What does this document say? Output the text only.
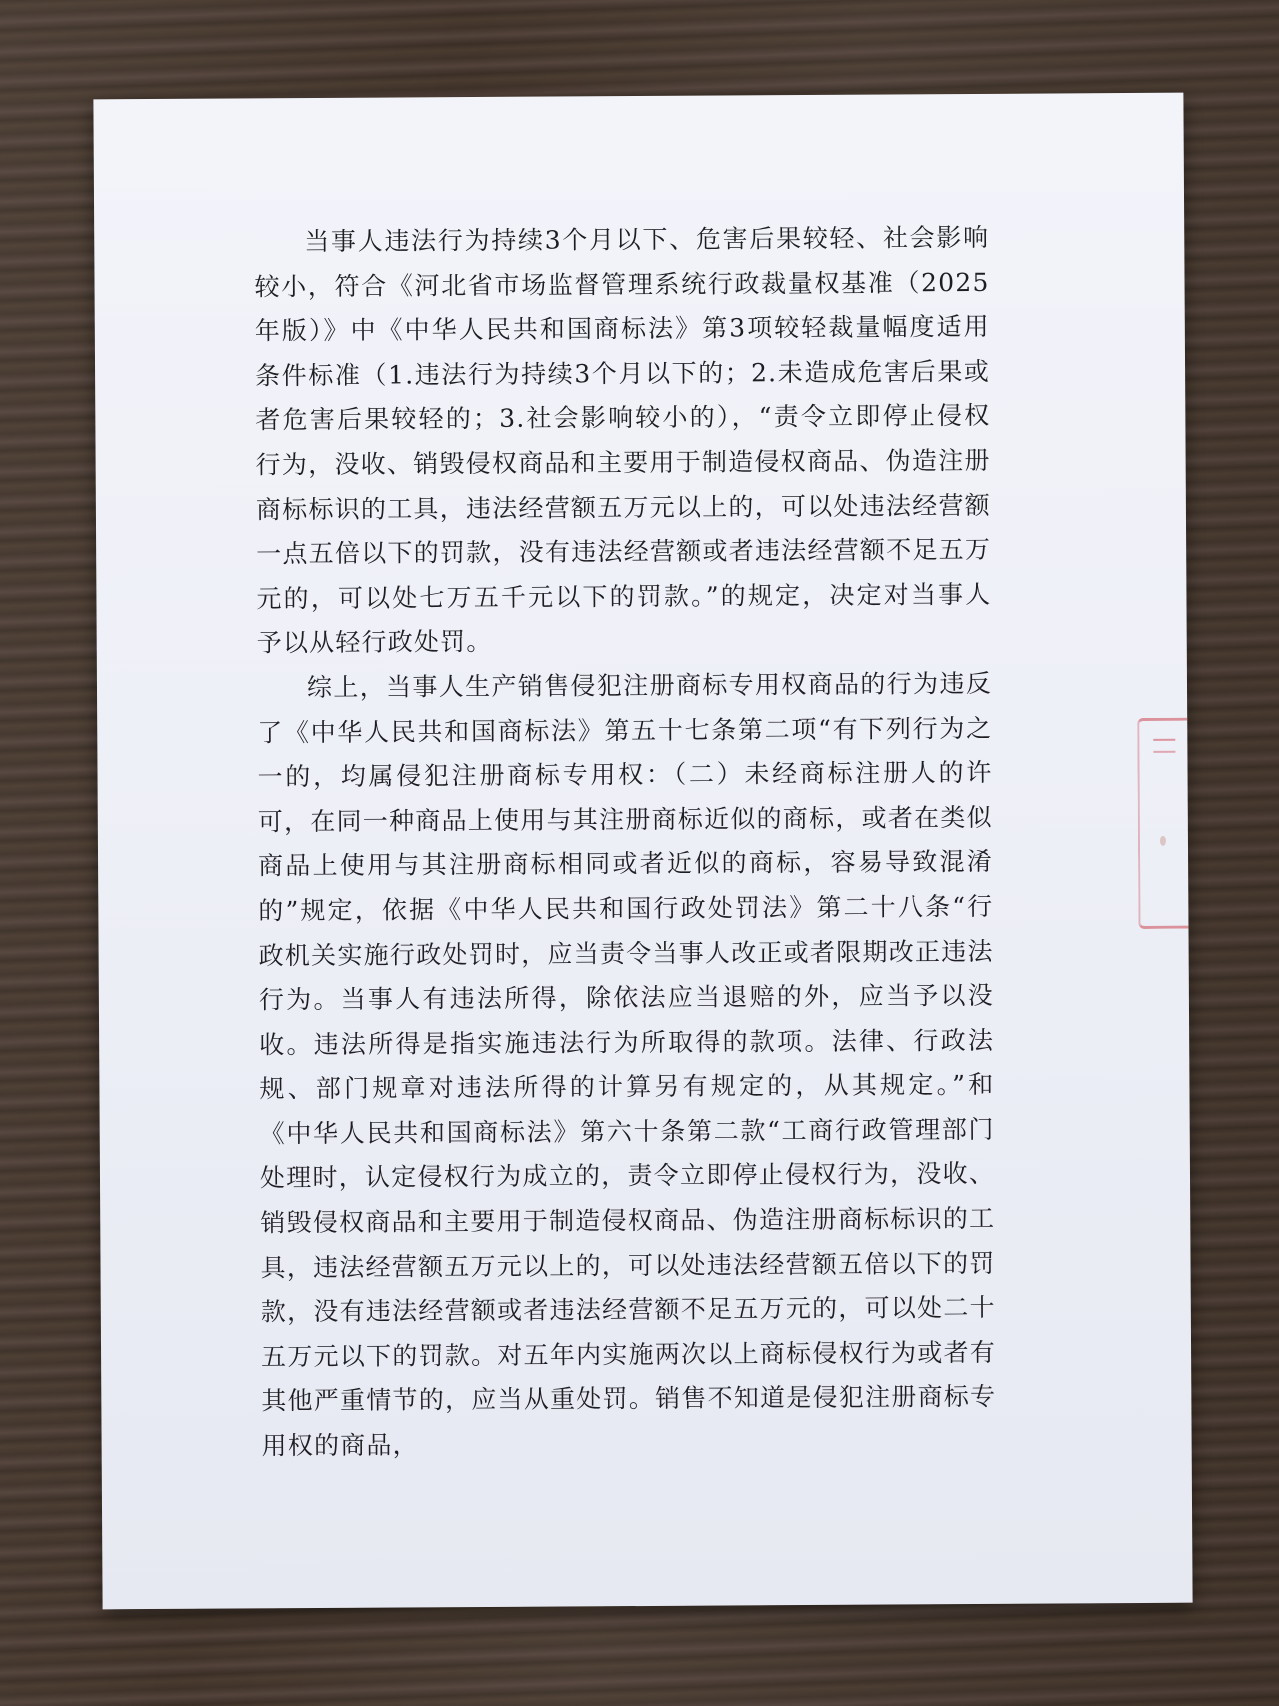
当事人违法行为持续3个月以下、危害后果较轻、社会影响较小，符合《河北省市场监督管理系统行政裁量权基准（2025 年版）》中《中华人民共和国商标法》第3项较轻裁量幅度适用条件标准（1.违法行为持续3个月以下的；2.未造成危害后果或者危害后果较轻的；3.社会影响较小的），“责令立即停止侵权行为，没收、销毁侵权商品和主要用于制造侵权商品、伪造注册商标标识的工具，违法经营额五万元以上的，可以处违法经营额一点五倍以下的罚款，没有违法经营额或者违法经营额不足五万元的，可以处七万五千元以下的罚款。”的规定，决定对当事人予以从轻行政处罚。

综上，当事人生产销售侵犯注册商标专用权商品的行为违反了《中华人民共和国商标法》第五十七条第二项“有下列行为之一的，均属侵犯注册商标专用权：（二）未经商标注册人的许可，在同一种商品上使用与其注册商标近似的商标，或者在类似商品上使用与其注册商标相同或者近似的商标，容易导致混淆的”规定，依据《中华人民共和国行政处罚法》第二十八条“行政机关实施行政处罚时，应当责令当事人改正或者限期改正违法行为。当事人有违法所得，除依法应当退赔的外，应当予以没收。违法所得是指实施违法行为所取得的款项。法律、行政法规、部门规章对违法所得的计算另有规定的，从其规定。”和《中华人民共和国商标法》第六十条第二款“工商行政管理部门处理时，认定侵权行为成立的，责令立即停止侵权行为，没收、销毁侵权商品和主要用于制造侵权商品、伪造注册商标标识的工具，违法经营额五万元以上的，可以处违法经营额五倍以下的罚款，没有违法经营额或者违法经营额不足五万元的，可以处二十五万元以下的罚款。对五年内实施两次以上商标侵权行为或者有其他严重情节的，应当从重处罚。销售不知道是侵犯注册商标专用权的商品，
